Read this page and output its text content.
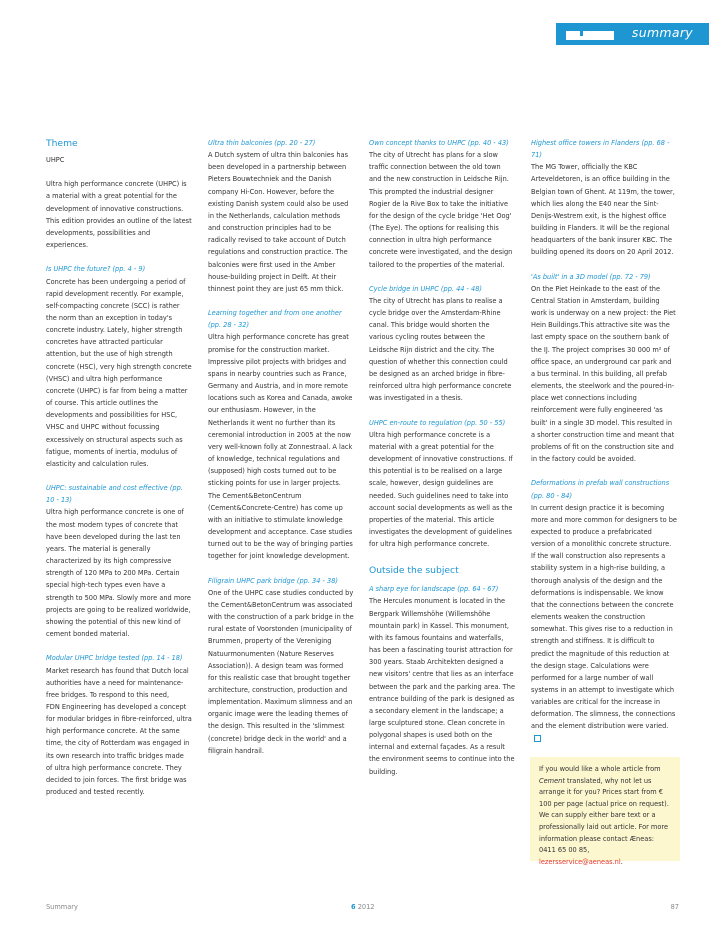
summary
Theme

UHPC

Ultra high performance concrete (UHPC) is a material with a great potential for the development of innovative constructions. This edition provides an outline of the latest developments, possibilities and experiences.

Is UHPC the future? (pp. 4 - 9)

Concrete has been undergoing a period of rapid development recently. For example, self-compacting concrete (SCC) is rather the norm than an exception in today's concrete industry. Lately, higher strength concretes have attracted particular attention, but the use of high strength concrete (HSC), very high strength concrete (VHSC) and ultra high performance concrete (UHPC) is far from being a matter of course. This article outlines the developments and possibilities for HSC, VHSC and UHPC without focussing excessively on structural aspects such as fatigue, moments of inertia, modulus of elasticity and calculation rules.

UHPC: sustainable and cost effective (pp. 10 - 13)

Ultra high performance concrete is one of the most modern types of concrete that have been developed during the last ten years. The material is generally characterized by its high compressive strength of 120 MPa to 200 MPa. Certain special high-tech types even have a strength to 500 MPa. Slowly more and more projects are going to be realized worldwide, showing the potential of this new kind of cement bonded material.

Modular UHPC bridge tested (pp. 14 - 18)

Market research has found that Dutch local authorities have a need for maintenance-free bridges. To respond to this need,

FDN Engineering has developed a concept for modular bridges in fibre-reinforced, ultra high performance concrete. At the same time, the city of Rotterdam was engaged in its own research into traffic bridges made of ultra high performance concrete. They decided to join forces. The first bridge was produced and tested recently.

Ultra thin balconies (pp. 20 - 27)

A Dutch system of ultra thin balconies has been developed in a partnership between Pieters Bouwtechniek and the Danish company Hi-Con. However, before the existing Danish system could also be used in the Netherlands, calculation methods and construction principles had to be radically revised to take account of Dutch regulations and construction practice. The balconies were first used in the Amber house-building project in Delft. At their thinnest point they are just 65 mm thick.

Learning together and from one another (pp. 28 - 32)

Ultra high performance concrete has great promise for the construction market. Impressive pilot projects with bridges and spans in nearby countries such as France, Germany and Austria, and in more remote locations such as Korea and Canada, awoke our enthusiasm. However, in the Netherlands it went no further than its ceremonial introduction in 2005 at the now very well-known folly at Zonnestraal. A lack of knowledge, technical regulations and (supposed) high costs turned out to be sticking points for use in larger projects. The Cement&BetonCentrum (Cement&Concrete-Centre) has come up with an initiative to stimulate knowledge development and acceptance. Case studies turned out to be the way of bringing parties together for joint knowledge development.

Filigrain UHPC park bridge (pp. 34 - 38)

One of the UHPC case studies conducted by the Cement&BetonCentrum was associated with the construction of a park bridge in the rural estate of Voorstonden (municipality of Brummen, property of the Vereniging Natuurmonumenten (Nature Reserves Association)). A design team was formed for this realistic case that brought together architecture, construction, production and implementation. Maximum slimness and an organic image were the leading themes of the design. This resulted in the 'slimmest (concrete) bridge deck in the world' and a filigrain handrail.

Own concept thanks to UHPC (pp. 40 - 43)

The city of Utrecht has plans for a slow traffic connection between the old town and the new construction in Leidsche Rijn. This prompted the industrial designer Rogier de la Rive Box to take the initiative for the design of the cycle bridge 'Het Oog' (The Eye). The options for realising this connection in ultra high performance concrete were investigated, and the design tailored to the properties of the material.

Cycle bridge in UHPC (pp. 44 - 48)

The city of Utrecht has plans to realise a cycle bridge over the Amsterdam-Rhine canal. This bridge would shorten the various cycling routes between the Leidsche Rijn district and the city. The question of whether this connection could be designed as an arched bridge in fibre-reinforced ultra high performance concrete was investigated in a thesis.

UHPC en-route to regulation (pp. 50 - 55)

Ultra high performance concrete is a material with a great potential for the development of innovative constructions. If this potential is to be realised on a large scale, however, design guidelines are needed. Such guidelines need to take into account social developments as well as the properties of the material. This article investigates the development of guidelines for ultra high performance concrete.

Outside the subject
A sharp eye for landscape (pp. 64 - 67)

The Hercules monument is located in the Bergpark Willemshöhe (Willemshöhe mountain park) in Kassel. This monument, with its famous fountains and waterfalls, has been a fascinating tourist attraction for 300 years. Staab Architekten designed a new visitors' centre that lies as an interface between the park and the parking area. The entrance building of the park is designed as a secondary element in the landscape; a large sculptured stone. Clean concrete in polygonal shapes is used both on the internal and external façades. As a result the environment seems to continue into the building.

Highest office towers in Flanders (pp. 68 - 71)

The MG Tower, officially the KBC Arteveldetoren, is an office building in the Belgian town of Ghent. At 119m, the tower, which lies along the E40 near the Sint-Denijs-Westrem exit, is the highest office building in Flanders. It will be the regional headquarters of the bank insurer KBC. The building opened its doors on 20 April 2012.

'As built' in a 3D model (pp. 72 - 79)

On the Piet Heinkade to the east of the Central Station in Amsterdam, building work is underway on a new project: the Piet Hein Buildings.This attractive site was the last empty space on the southern bank of the IJ. The project comprises 30 000 m² of office space, an underground car park and a bus terminal. In this building, all prefab elements, the steelwork and the poured-in-place wet connections including reinforcement were fully engineered 'as built' in a single 3D model. This resulted in a shorter construction time and meant that problems of fit on the construction site and in the factory could be avoided.

Deformations in prefab wall constructions (pp. 80 - 84)

In current design practice it is becoming more and more common for designers to be expected to produce a prefabricated version of a monolithic concrete structure. If the wall construction also represents a stability system in a high-rise building, a thorough analysis of the design and the deformations is indispensable. We know that the connections between the concrete elements weaken the construction somewhat. This gives rise to a reduction in strength and stiffness. It is difficult to predict the magnitude of this reduction at the design stage. Calculations were performed for a large number of wall systems in an attempt to investigate which variables are critical for the increase in deformation. The slimness, the connections and the element distribution were varied.

If you would like a whole article from Cement translated, why not let us arrange it for you? Prices start from € 100 per page (actual price on request). We can supply either bare text or a professionally laid out article. For more information please contact Æneas: 0411 65 00 85, lezersservice@aeneas.nl.

Summary	6 2012	87
